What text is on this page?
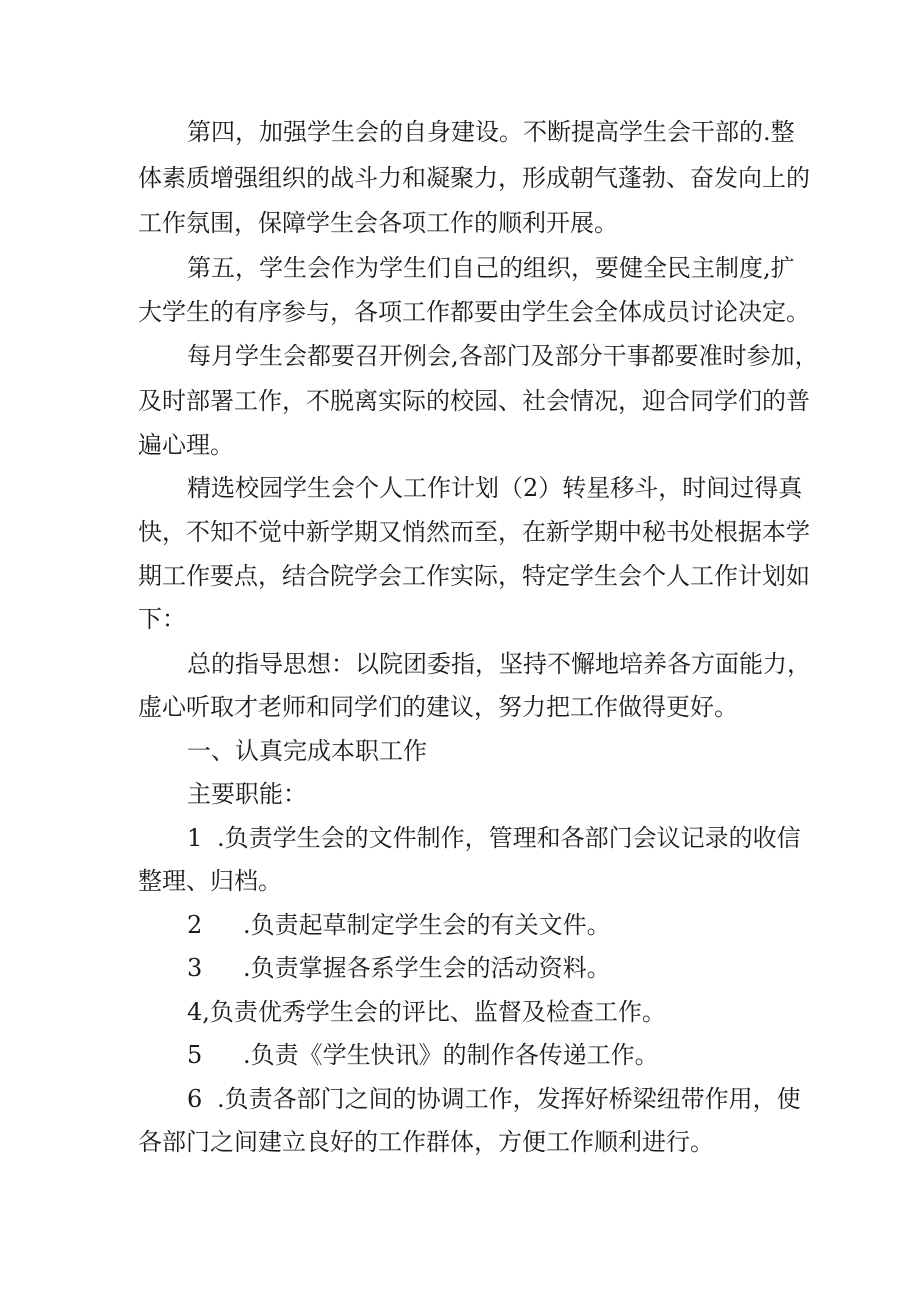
第四，加强学生会的自身建设。不断提高学生会干部的.整
体素质增强组织的战斗力和凝聚力，形成朝气蓬勃、奋发向上的
工作氛围，保障学生会各项工作的顺利开展。
第五，学生会作为学生们自己的组织，要健全民主制度,扩
大学生的有序参与，各项工作都要由学生会全体成员讨论决定。
每月学生会都要召开例会,各部门及部分干事都要准时参加，
及时部署工作，不脱离实际的校园、社会情况，迎合同学们的普
遍心理。
精选校园学生会个人工作计划（2）转星移斗，时间过得真
快，不知不觉中新学期又悄然而至，在新学期中秘书处根据本学
期工作要点，结合院学会工作实际，特定学生会个人工作计划如
下：
总的指导思想：以院团委指，坚持不懈地培养各方面能力，
虚心听取才老师和同学们的建议，努力把工作做得更好。
一、认真完成本职工作
主要职能：
1 .负责学生会的文件制作，管理和各部门会议记录的收信
整理、归档。
2 .负责起草制定学生会的有关文件。
3 .负责掌握各系学生会的活动资料。
4,负责优秀学生会的评比、监督及检查工作。
5 .负责《学生快讯》的制作各传递工作。
6 .负责各部门之间的协调工作，发挥好桥梁纽带作用，使
各部门之间建立良好的工作群体，方便工作顺利进行。
